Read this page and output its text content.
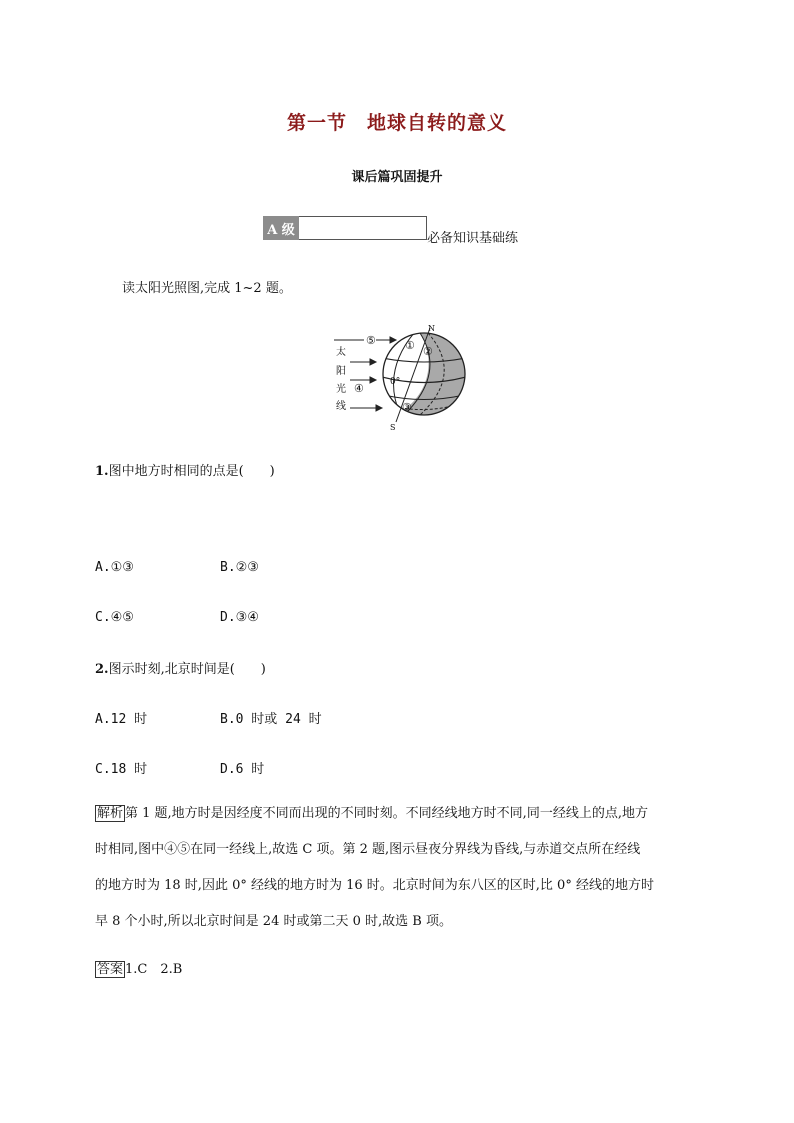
第一节 地球自转的意义
课后篇巩固提升
A 级
必备知识基础练
读太阳光照图,完成 1~2 题。
太
阳
光
线
⑤	① ②
④
③
0°
N
S
1.图中地方时相同的点是(　　)
A.①③	B.②③
C.④⑤	D.③④
2.图示时刻,北京时间是(　　)
A.12 时	B.0 时或 24 时
C.18 时	D.6 时
解析 第 1 题,地方时是因经度不同而出现的不同时刻。不同经线地方时不同,同一经线上的点,地方
时相同,图中④⑤在同一经线上,故选 C 项。第 2 题,图示昼夜分界线为昏线,与赤道交点所在经线
的地方时为 18 时,因此 0° 经线的地方时为 16 时。北京时间为东八区的区时,比 0° 经线的地方时
早 8 个小时,所以北京时间是 24 时或第二天 0 时,故选 B 项。
答案 1.C　2.B
